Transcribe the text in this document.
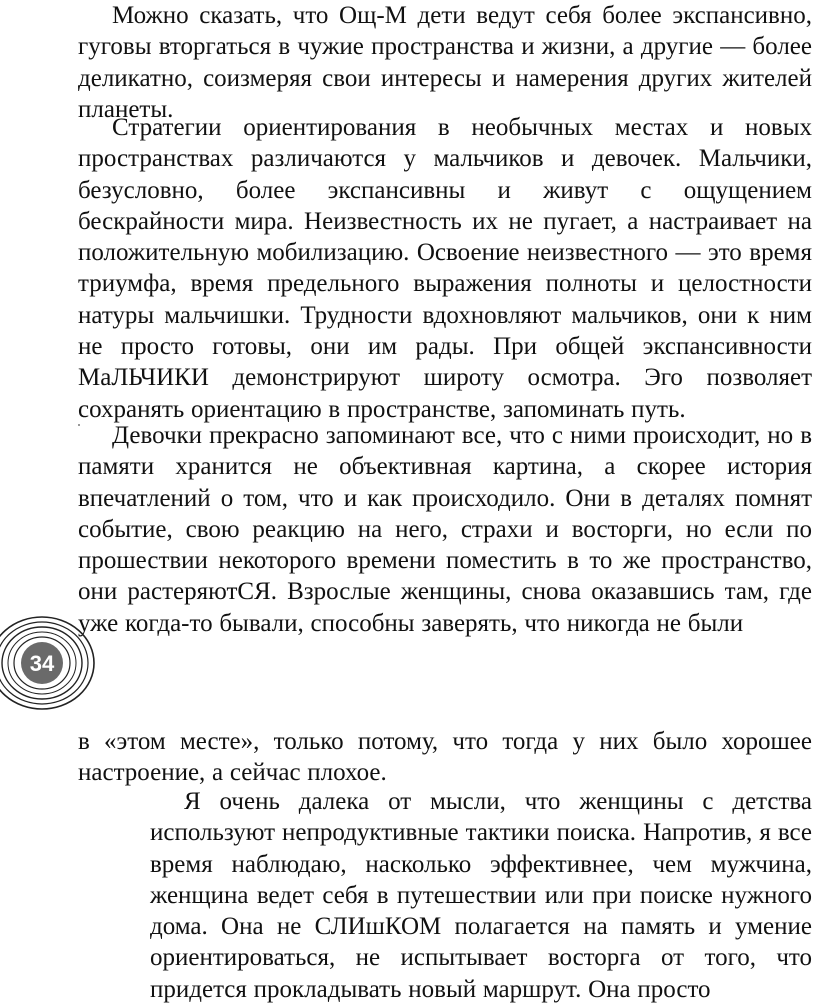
Можно сказать, что Ощ-М дети ведут себя более экспансивно, гуговы вторгаться в чужие пространства и жизни, а другие — более деликатно, соизмеряя свои интересы и намерения других жителей планеты.

Стратегии ориентирования в необычных местах и новых пространствах различаются у мальчиков и девочек. Мальчики, безусловно, более экспансивны и живут с ощущением бескрайности мира. Неизвестность их не пугает, а настраивает на положительную мобилизацию. Освоение неизвестного — это время триумфа, время предельного выражения полноты и целостности натуры мальчишки. Трудности вдохновляют мальчиков, они к ним не просто готовы, они им рады. При общей экспансивности МаЛЬЧИКИ демонстрируют широту осмотра. Эго позволяет сохранять ориентацию в пространстве, запоминать путь.

Девочки прекрасно запоминают все, что с ними происходит, но в памяти хранится не объективная картина, а скорее история впечатлений о том, что и как происходило. Они в деталях помнят событие, свою реакцию на него, страхи и восторги, но если по прошествии некоторого времени поместить в то же пространство, они растеряютСЯ. Взрослые женщины, снова оказавшись там, где уже когда-то бывали, способны заверять, что никогда не были

34

в «этом месте», только потому, что тогда у них было хорошее настроение, а сейчас плохое.

Я очень далека от мысли, что женщины с детства используют непродуктивные тактики поиска. Напротив, я все время наблюдаю, насколько эффективнее, чем мужчина, женщина ведет себя в путешествии или при поиске нужного дома. Она не СЛИшКОМ полагается на память и умение ориентироваться, не испытывает восторга от того, что придется прокладывать новый маршрут. Она просто
